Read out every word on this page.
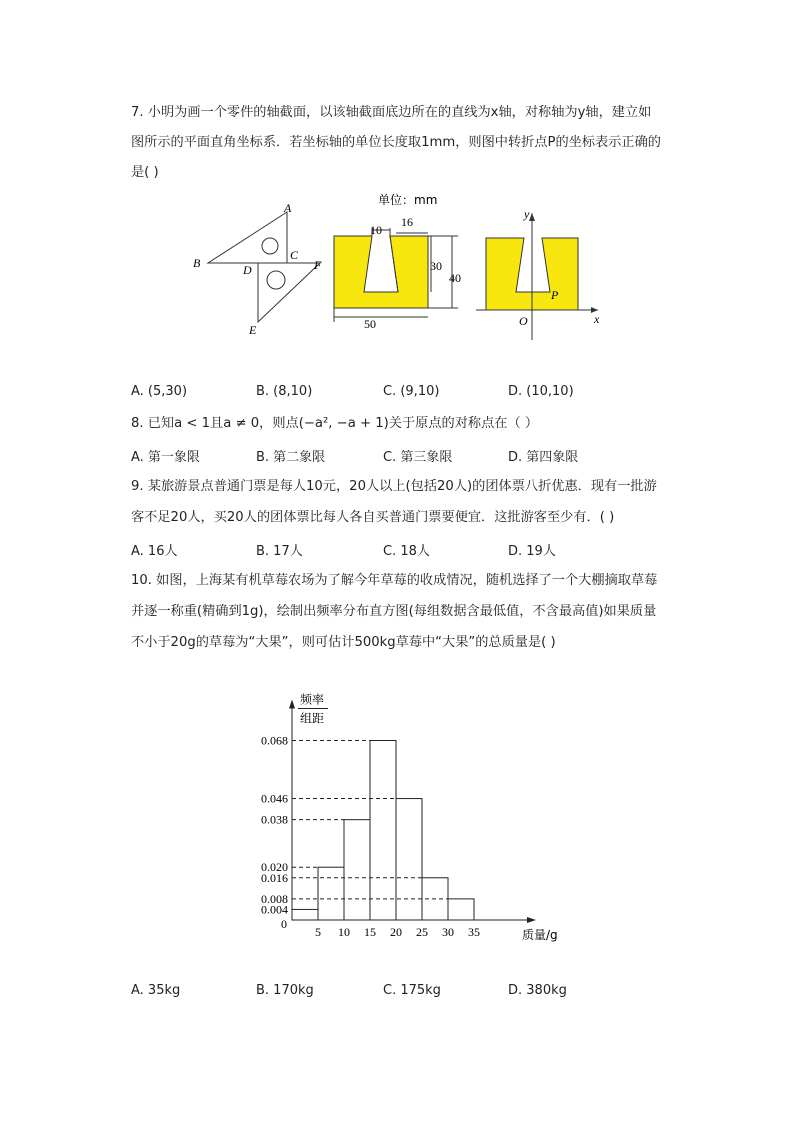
7. 小明为画一个零件的轴截面，以该轴截面底边所在的直线为x轴，对称轴为y轴，建立如
图所示的平面直角坐标系．若坐标轴的单位长度取1mm，则图中转折点P的坐标表示正确的
是( )
单位：mm
A
B
C
D
E
F
10
16
30
40
50
y
x
O
P
A. (5,30)	B. (8,10)	C. (9,10)	D. (10,10)
8. 已知a < 1且a ≠ 0，则点(−a², −a + 1)关于原点的对称点在（ ）
A. 第一象限	B. 第二象限	C. 第三象限	D. 第四象限
9. 某旅游景点普通门票是每人10元，20人以上(包括20人)的团体票八折优惠．现有一批游
客不足20人，买20人的团体票比每人各自买普通门票要便宜．这批游客至少有．( )
A. 16人	B. 17人	C. 18人	D. 19人
10. 如图，上海某有机草莓农场为了解今年草莓的收成情况，随机选择了一个大棚摘取草莓
并逐一称重(精确到1g)，绘制出频率分布直方图(每组数据含最低值，不含最高值)如果质量
不小于20g的草莓为“大果”，则可估计500kg草莓中“大果”的总质量是( )
频率
组距
0.068
0.046
0.038
0.020
0.016
0.008
0.004
0
5 10 15 20 25 30 35	质量/g
A. 35kg	B. 170kg	C. 175kg	D. 380kg
